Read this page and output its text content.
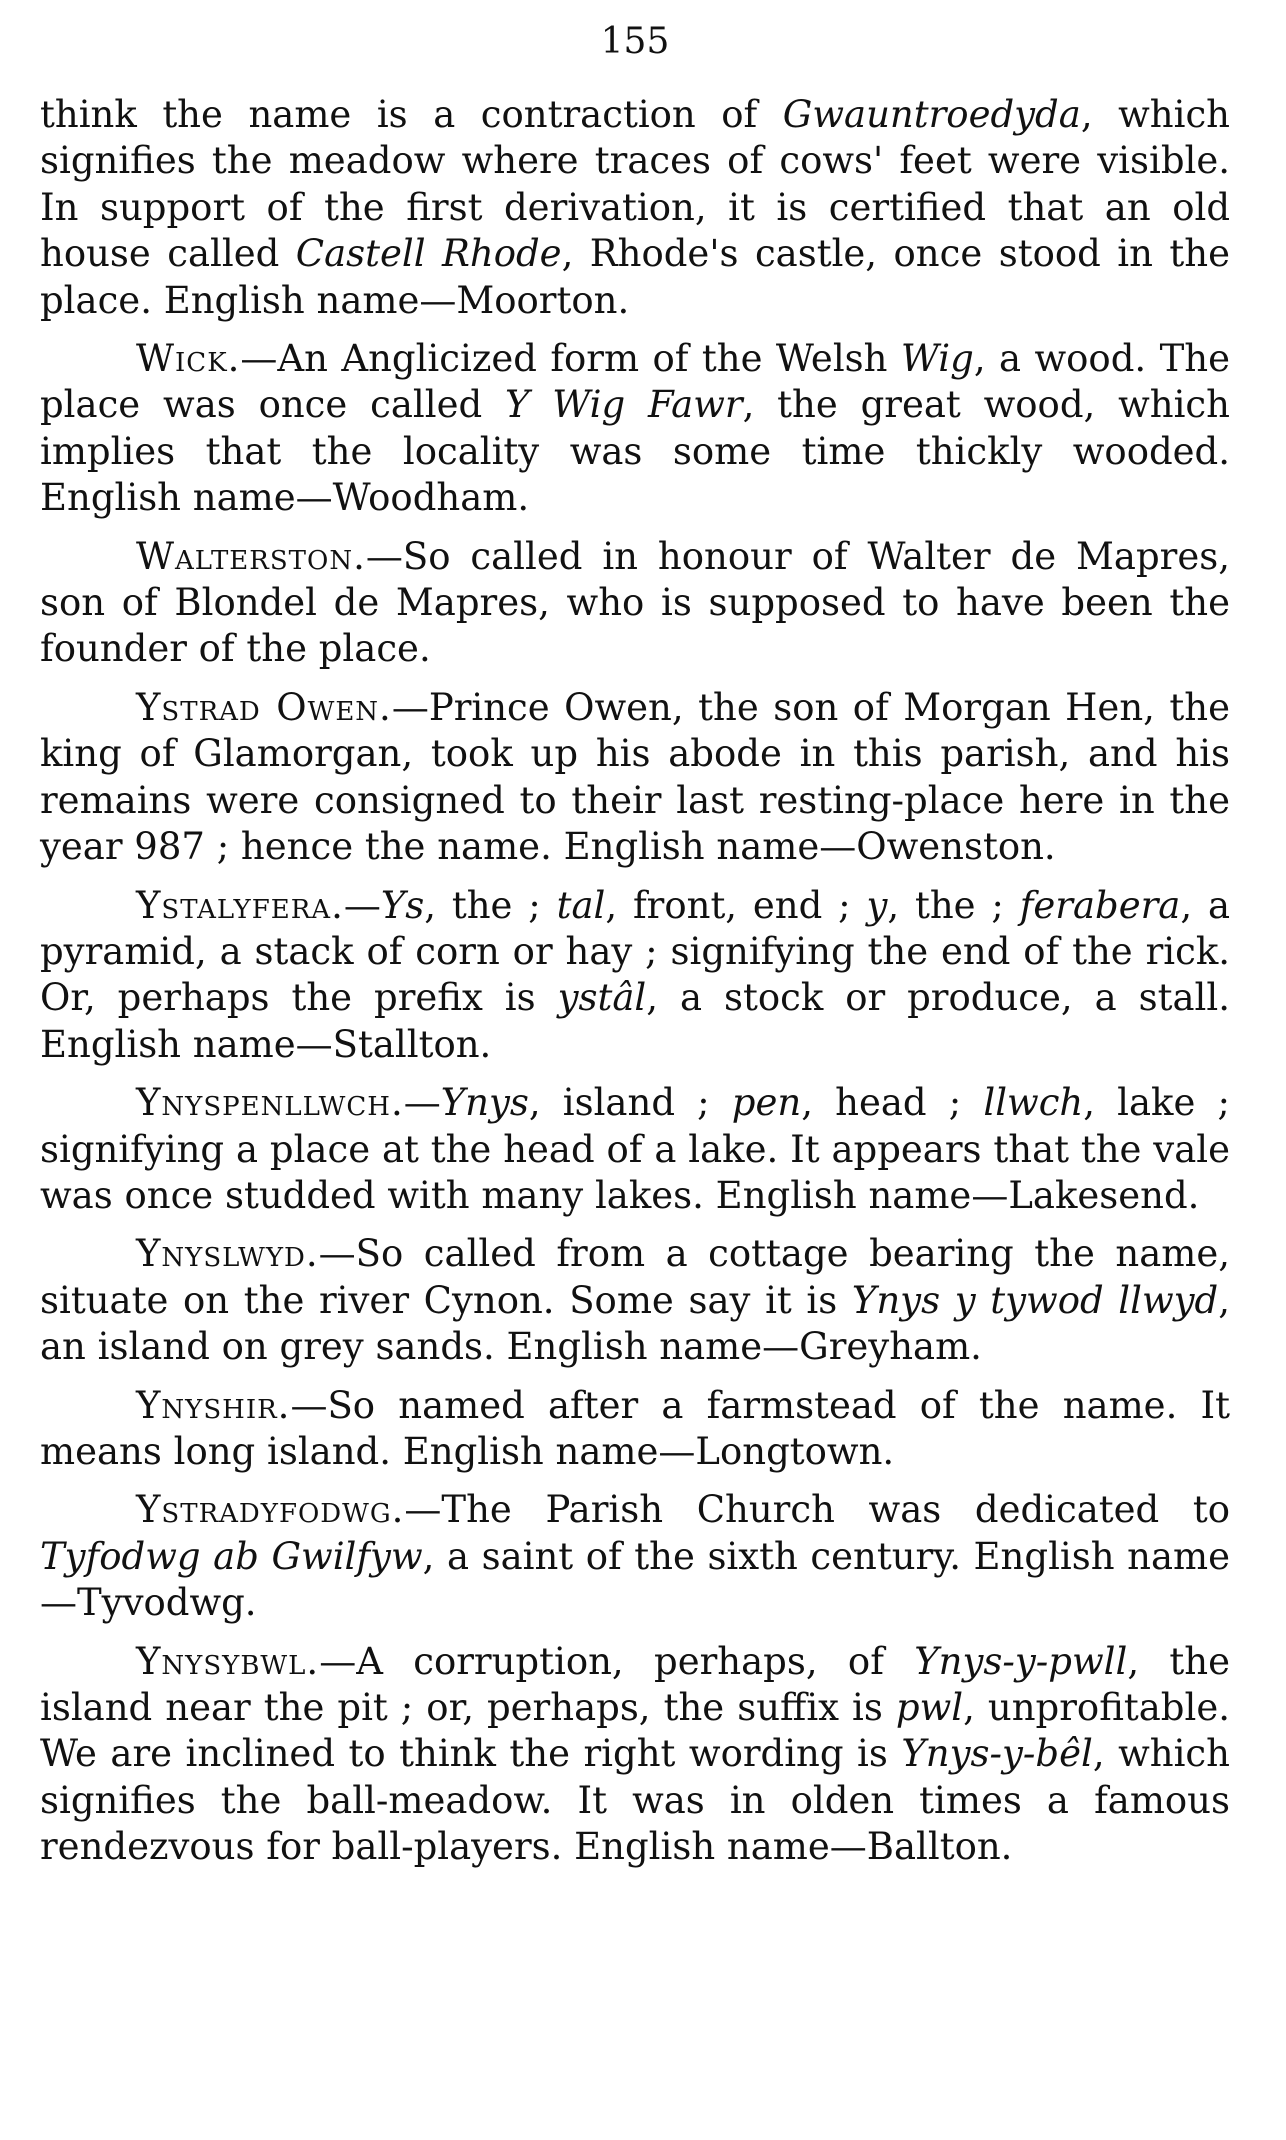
155

think the name is a contraction of Gwauntroedyda, which signifies the meadow where traces of cows' feet were visible. In support of the first derivation, it is certified that an old house called Castell Rhode, Rhode's castle, once stood in the place. English name—Moorton.

Wick.—An Anglicized form of the Welsh Wig, a wood. The place was once called Y Wig Fawr, the great wood, which implies that the locality was some time thickly wooded. English name—Woodham.

Walterston.—So called in honour of Walter de Mapres, son of Blondel de Mapres, who is supposed to have been the founder of the place.

Ystrad Owen.—Prince Owen, the son of Morgan Hen, the king of Glamorgan, took up his abode in this parish, and his remains were consigned to their last resting-place here in the year 987 ; hence the name. English name—Owenston.

Ystalyfera.—Ys, the ; tal, front, end ; y, the ; ferabera, a pyramid, a stack of corn or hay ; signifying the end of the rick. Or, perhaps the prefix is ystâl, a stock or produce, a stall. English name—Stallton.

Ynyspenllwch.—Ynys, island ; pen, head ; llwch, lake ; signifying a place at the head of a lake. It appears that the vale was once studded with many lakes. English name—Lakesend.

Ynyslwyd.—So called from a cottage bearing the name, situate on the river Cynon. Some say it is Ynys y tywod llwyd, an island on grey sands. English name—Greyham.

Ynyshir.—So named after a farmstead of the name. It means long island. English name—Longtown.

Ystradyfodwg.—The Parish Church was dedicated to Tyfodwg ab Gwilfyw, a saint of the sixth century. English name—Tyvodwg.

Ynysybwl.—A corruption, perhaps, of Ynys-y-pwll, the island near the pit ; or, perhaps, the suffix is pwl, unprofitable. We are inclined to think the right wording is Ynys-y-bêl, which signifies the ball-meadow. It was in olden times a famous rendezvous for ball-players. English name—Ballton.
